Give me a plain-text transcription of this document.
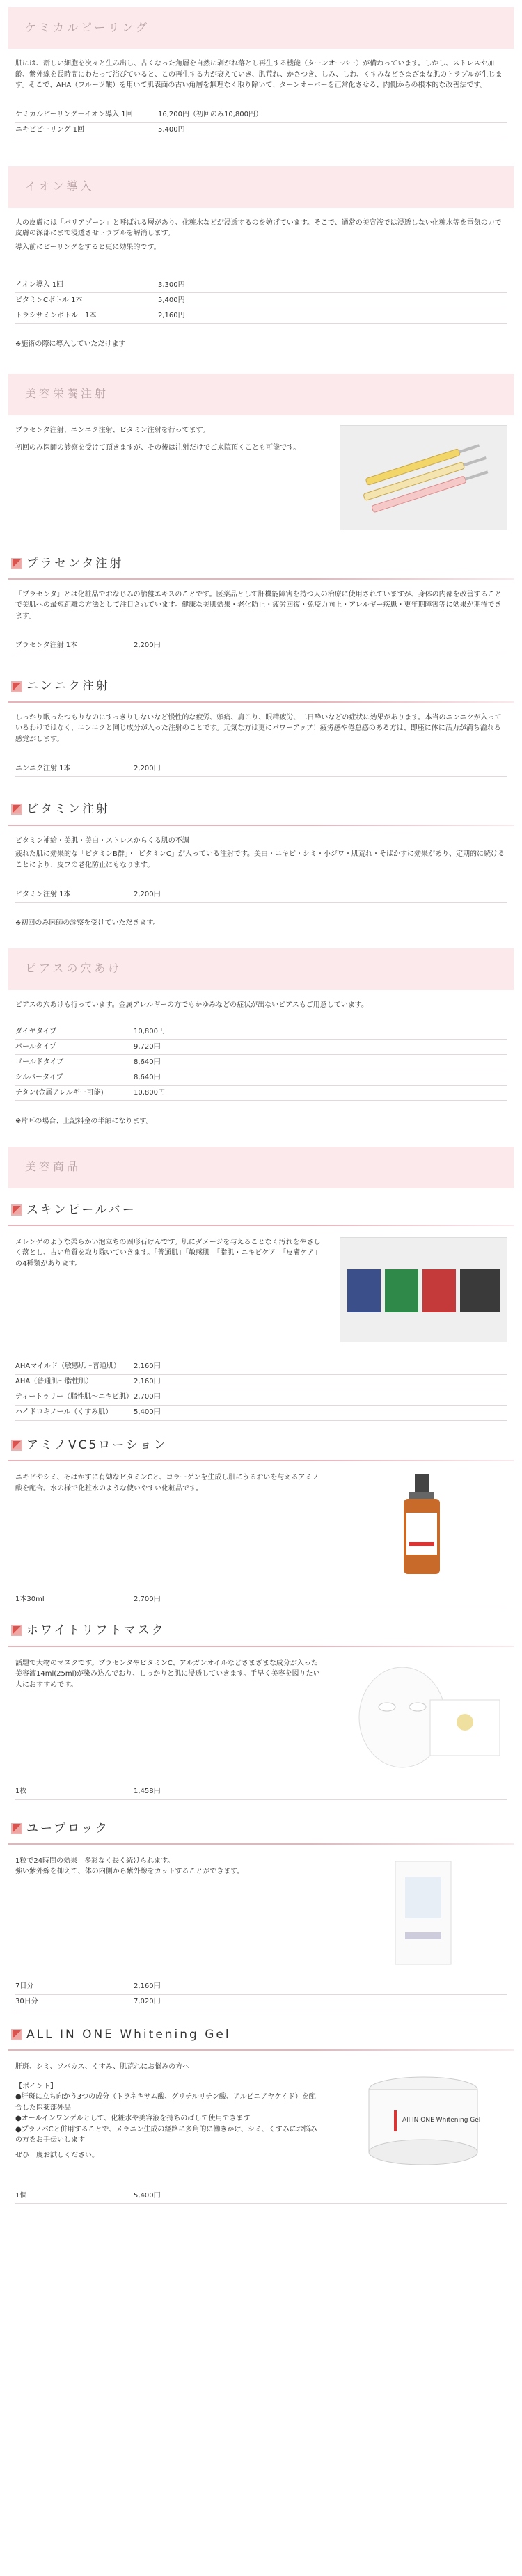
ケミカルピーリング

肌には、新しい細胞を次々と生み出し、古くなった角層を自然に剥がれ落とし再生する機能（ターンオーバー）が備わっています。しかし、ストレスや加齢、紫外線を長時間にわたって浴びていると、この再生する力が衰えていき、肌荒れ、かさつき、しみ、しわ、くすみなどさまざまな肌のトラブルが生じます。そこで、AHA（フルーツ酸）を用いて肌表面の古い角層を無理なく取り除いて、ターンオーバーを正常化させる、内側からの根本的な改善法です。

ケミカルピーリング＋イオン導入 1回	16,200円（初回のみ10,800円）
ニキビピーリング 1回	5,400円
イオン導入

人の皮膚には「バリアゾーン」と呼ばれる層があり、化粧水などが浸透するのを妨げています。そこで、通常の美容液では浸透しない化粧水等を電気の力で皮膚の深部にまで浸透させトラブルを解消します。

導入前にピーリングをすると更に効果的です。

イオン導入 1回	3,300円
ビタミンCボトル 1本	5,400円
トラシサミンボトル　1本	2,160円
※施術の際に導入していただけます
美容栄養注射

プラセンタ注射、ニンニク注射、ビタミン注射を行ってます。

初回のみ医師の診察を受けて頂きますが、その後は注射だけでご来院頂くことも可能です。

プラセンタ注射

「プラセンタ」とは化粧品でおなじみの胎盤エキスのことです。医薬品として肝機能障害を持つ人の治療に使用されていますが、身体の内部を改善することで美肌への最短距離の方法として注目されています。健康な美肌効果・老化防止・疲労回復・免疫力向上・アレルギー疾患・更年期障害等に効果が期待できます。

プラセンタ注射 1本	2,200円
ニンニク注射

しっかり眠ったつもりなのにすっきりしないなど慢性的な疲労、頭痛、肩こり、眼精疲労、二日酔いなどの症状に効果があります。本当のニンニクが入っているわけではなく、ニンニクと同じ成分が入った注射のことです。元気な方は更にパワーアップ！疲労感や倦怠感のある方は、即座に体に活力が満ち溢れる感覚がします。

ニンニク注射 1本	2,200円
ビタミン注射

ビタミン補給・美肌・美白・ストレスからくる肌の不調

疲れた肌に効果的な「ビタミンB群」・「ビタミンC」が入っている注射です。美白・ニキビ・シミ・小ジワ・肌荒れ・そばかすに効果があり、定期的に続けることにより、皮フの老化防止にもなります。

ビタミン注射 1本	2,200円
※初回のみ医師の診察を受けていただきます。
ピアスの穴あけ

ピアスの穴あけも行っています。金属アレルギーの方でもかゆみなどの症状が出ないピアスもご用意しています。

ダイヤタイプ	10,800円
パールタイプ	9,720円
ゴールドタイプ	8,640円
シルバータイプ	8,640円
チタン(金属アレルギー可能)	10,800円
※片耳の場合、上記料金の半額になります。
美容商品
スキンピールバー

メレンゲのような柔らかい泡立ちの固形石けんです。肌にダメージを与えることなく汚れをやさしく落とし、古い角質を取り除いていきます。「普通肌」「敏感肌」「脂肌・ニキビケア」「皮膚ケア」の4種類があります。

AHAマイルド（敏感肌～普通肌）	2,160円
AHA（普通肌～脂性肌）	2,160円
ティートゥリー（脂性肌～ニキビ肌） 2,700円
ハイドロキノール（くすみ肌）	5,400円
アミノVC5ローション

ニキビやシミ、そばかすに有効なビタミンCと、コラーゲンを生成し肌にうるおいを与えるアミノ酸を配合。水の様で化粧水のような使いやすい化粧品です。

1本30ml	2,700円
ホワイトリフトマスク

話題で大物のマスクです。プラセンタやビタミンC、アルガンオイルなどさまざまな成分が入った美容液14ml(25ml)が染み込んでおり、しっかりと肌に浸透していきます。手早く美容を図りたい人におすすめです。

1枚	1,458円
ユーブロック

1粒で24時間の効果　多彩なく長く続けられます。

強い紫外線を抑えて、体の内側から紫外線をカットすることができます。

7日分	2,160円
30日分	7,020円
ALL IN ONE Whitening Gel

肝斑、シミ、ソバカス、くすみ、肌荒れにお悩みの方へ

【ポイント】

●肝斑に立ち向かう3つの成分（トラネキサム酸、グリチルリチン酸、アルビニアヤケイド）を配合した医薬部外品

●オールインワンゲルとして、化粧水や美容液を持ちのばして使用できます

●プラノバCと併用することで、メラニン生成の経路に多角的に働きかけ、シミ、くすみにお悩みの方をお手伝いします

ぜひ一度お試しください。

All IN ONE Whitening Gel
1個	5,400円
